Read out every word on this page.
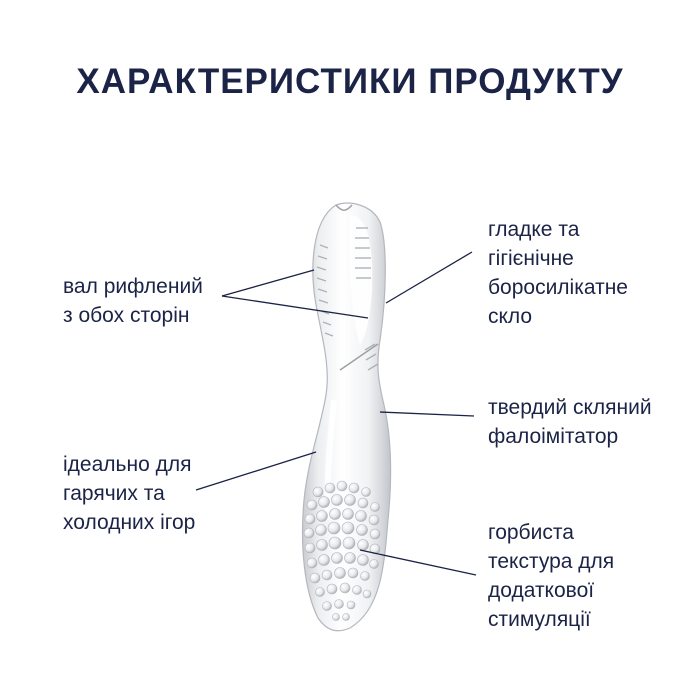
ХАРАКТЕРИСТИКИ ПРОДУКТУ
вал рифлений
з обох сторін
ідеально для
гарячих та
холодних ігор
гладке та
гігієнічне
боросилікатне
скло
твердий скляний
фалоімітатор
горбиста
текстура для
додаткової
стимуляції
